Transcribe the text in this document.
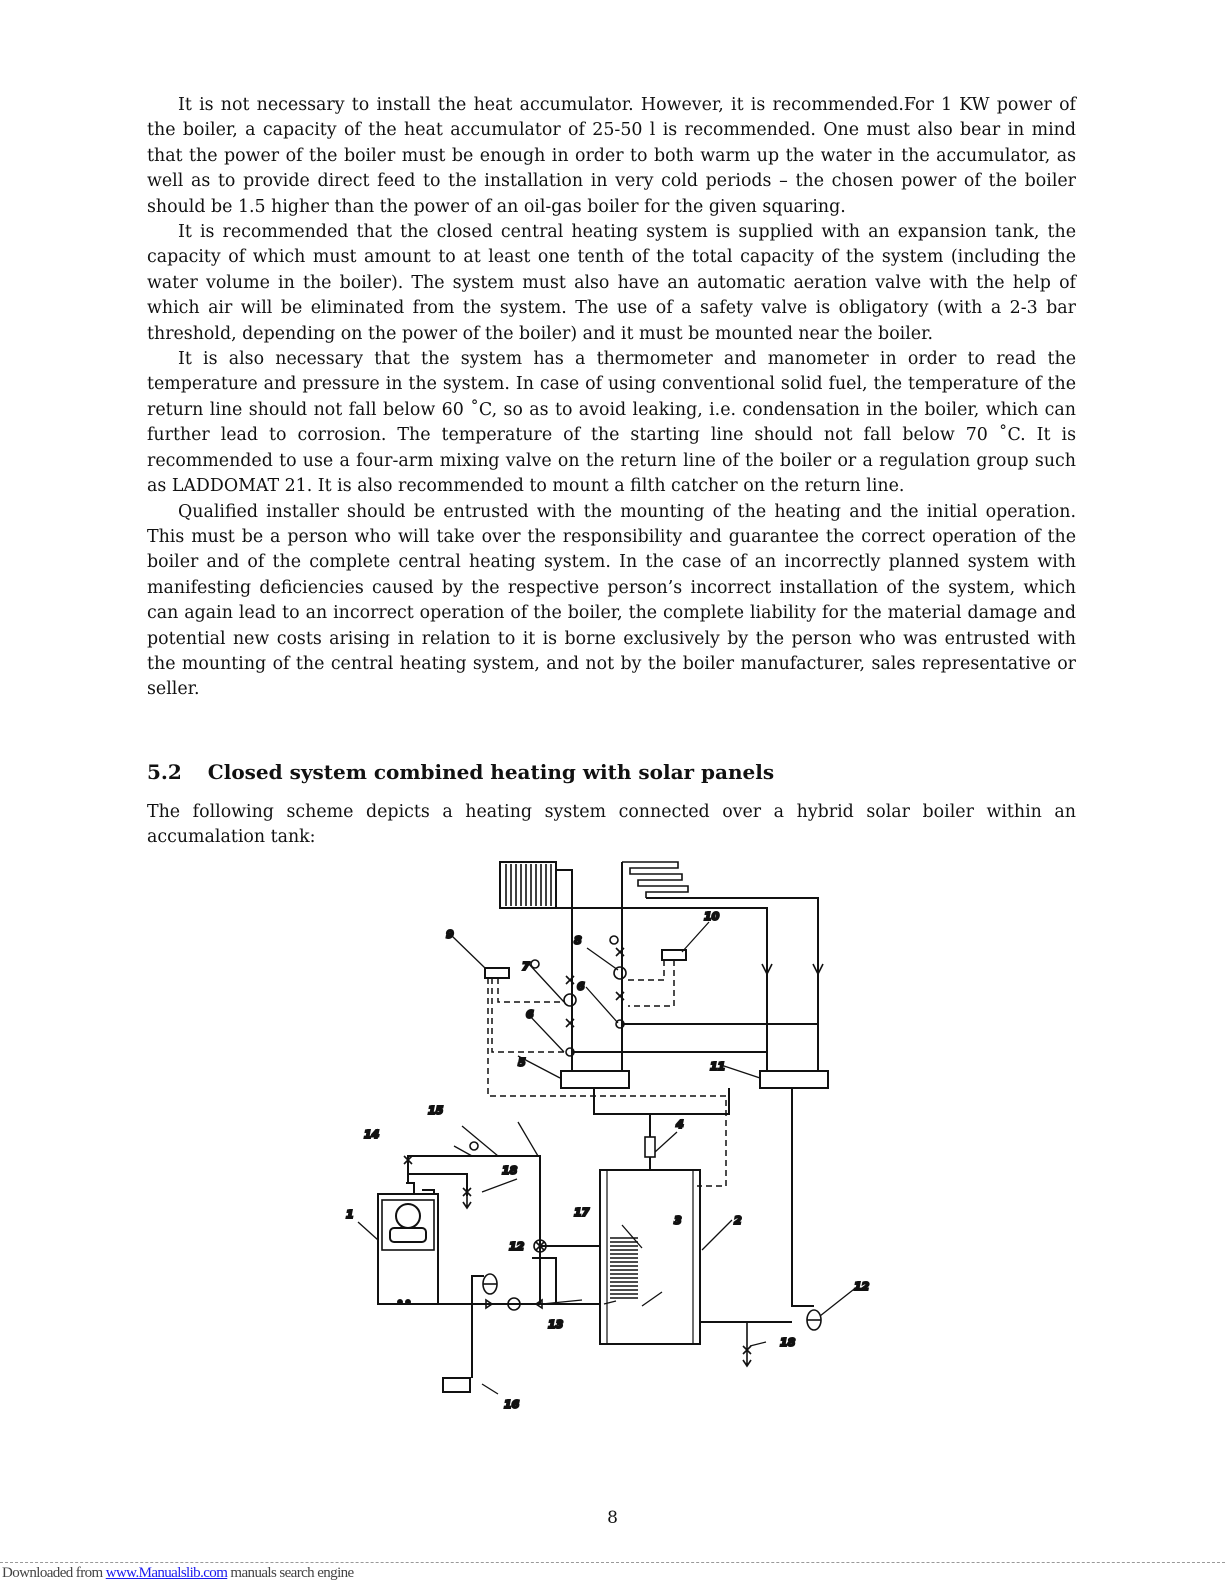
It is not necessary to install the heat accumulator. However, it is recommended.For 1 KW power of the boiler, a capacity of the heat accumulator of 25-50 l is recommended. One must also bear in mind that the power of the boiler must be enough in order to both warm up the water in the accumulator, as well as to provide direct feed to the installation in very cold periods – the chosen power of the boiler should be 1.5 higher than the power of an oil-gas boiler for the given squaring.

It is recommended that the closed central heating system is supplied with an expansion tank, the capacity of which must amount to at least one tenth of the total capacity of the system (including the water volume in the boiler). The system must also have an automatic aeration valve with the help of which air will be eliminated from the system. The use of a safety valve is obligatory (with a 2-3 bar threshold, depending on the power of the boiler) and it must be mounted near the boiler.

It is also necessary that the system has a thermometer and manometer in order to read the temperature and pressure in the system. In case of using conventional solid fuel, the temperature of the return line should not fall below 60 ˚C, so as to avoid leaking, i.e. condensation in the boiler, which can further lead to corrosion. The temperature of the starting line should not fall below 70 ˚C. It is recommended to use a four-arm mixing valve on the return line of the boiler or a regulation group such as LADDOMAT 21. It is also recommended to mount a filth catcher on the return line.

Qualified installer should be entrusted with the mounting of the heating and the initial operation. This must be a person who will take over the responsibility and guarantee the correct operation of the boiler and of the complete central heating system. In the case of an incorrectly planned system with manifesting deficiencies caused by the respective person’s incorrect installation of the system, which can again lead to an incorrect operation of the boiler, the complete liability for the material damage and potential new costs arising in relation to it is borne exclusively by the person who was entrusted with the mounting of the central heating system, and not by the boiler manufacturer, sales representative or seller.

5.2 Closed system combined heating with solar panels

The following scheme depicts a heating system connected over a hybrid solar boiler within an accumalation tank:

1	2
3
4
5
6
6
7
8
9
10
11
12
12
13
14
15
16
17
18
18
8
Downloaded from www.Manualslib.com manuals search engine
